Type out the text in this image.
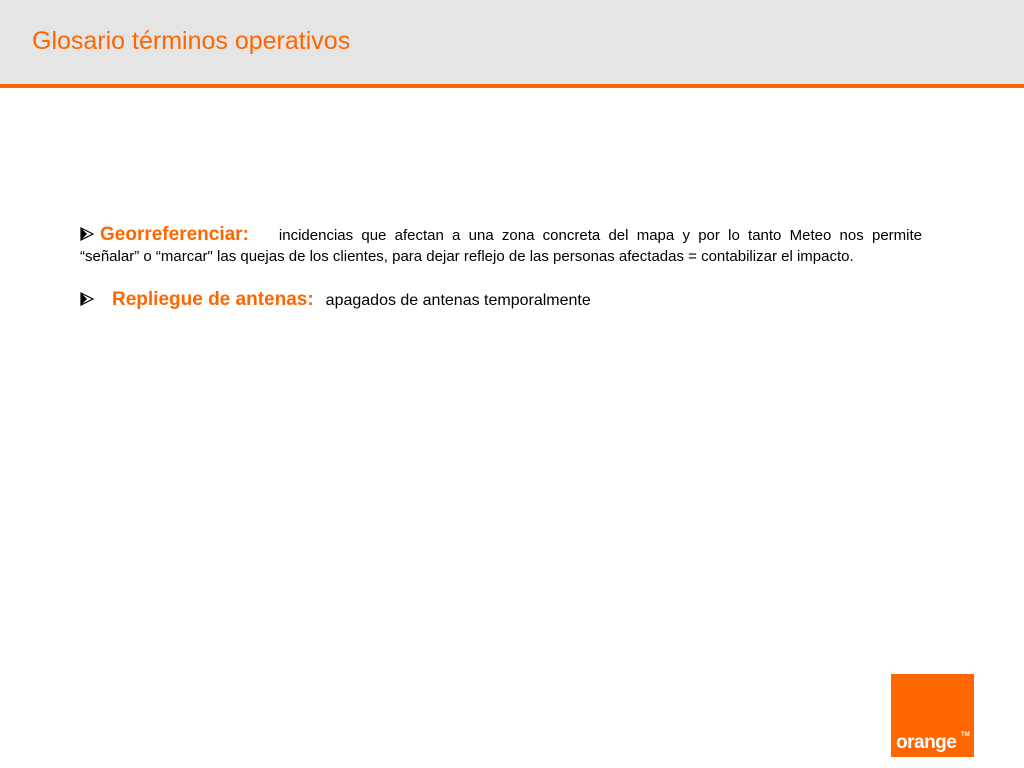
Glosario términos operativos

Georreferenciar: incidencias que afectan a una zona concreta del mapa y por lo tanto Meteo nos permite “señalar” o “marcar" las quejas de los clientes, para dejar reflejo de las personas afectadas = contabilizar el impacto.

Repliegue de antenas: apagados de antenas temporalmente

orange TM
